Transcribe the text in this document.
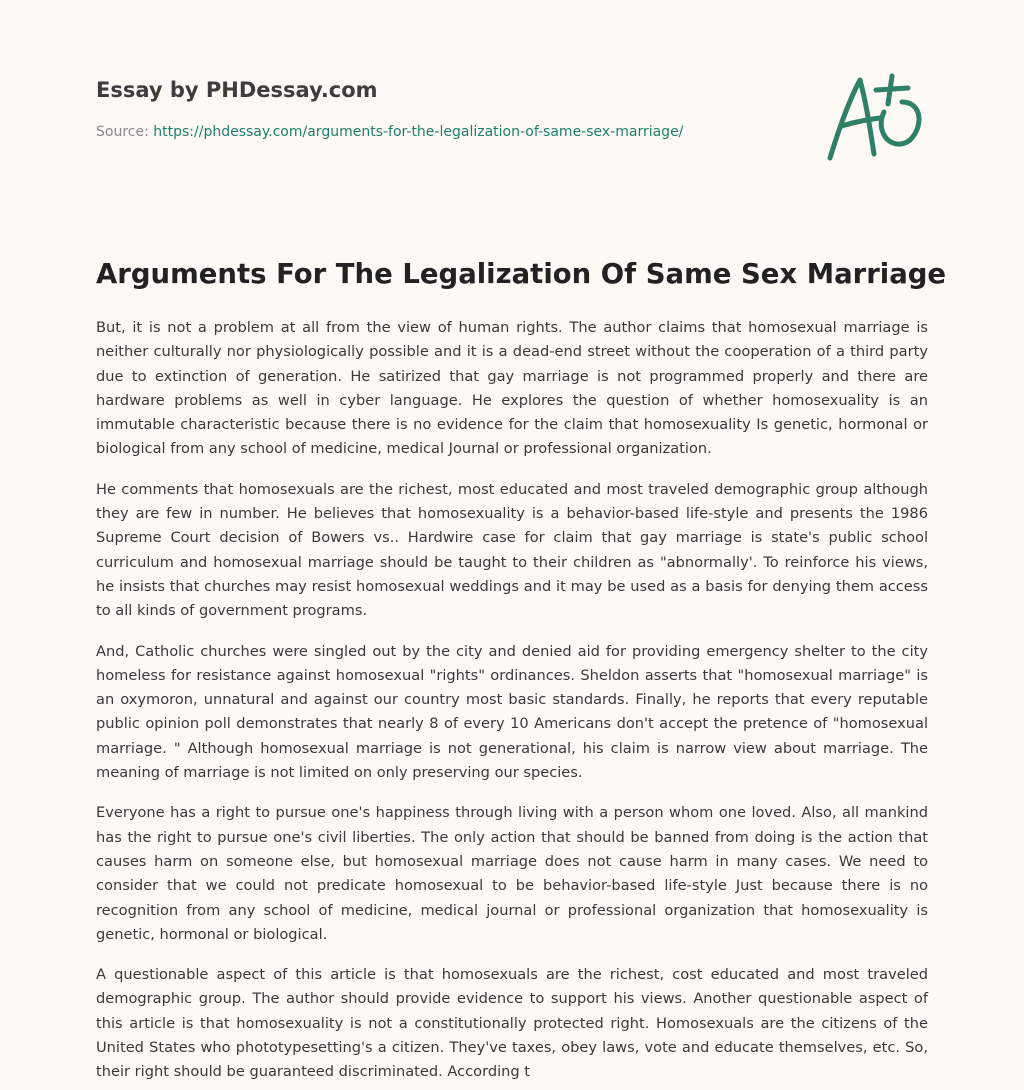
Essay by PHDessay.com
Source: https://phdessay.com/arguments-for-the-legalization-of-same-sex-marriage/
Arguments For The Legalization Of Same Sex Marriage

But, it is not a problem at all from the view of human rights. The author claims that homosexual marriage is neither culturally nor physiologically possible and it is a dead-end street without the cooperation of a third party due to extinction of generation. He satirized that gay marriage is not programmed properly and there are hardware problems as well in cyber language. He explores the question of whether homosexuality is an immutable characteristic because there is no evidence for the claim that homosexuality Is genetic, hormonal or biological from any school of medicine, medical Journal or professional organization.

He comments that homosexuals are the richest, most educated and most traveled demographic group although they are few in number. He believes that homosexuality is a behavior-based life-style and presents the 1986 Supreme Court decision of Bowers vs.. Hardwire case for claim that gay marriage is state's public school curriculum and homosexual marriage should be taught to their children as "abnormally'. To reinforce his views, he insists that churches may resist homosexual weddings and it may be used as a basis for denying them access to all kinds of government programs.

And, Catholic churches were singled out by the city and denied aid for providing emergency shelter to the city homeless for resistance against homosexual "rights" ordinances. Sheldon asserts that "homosexual marriage" is an oxymoron, unnatural and against our country most basic standards. Finally, he reports that every reputable public opinion poll demonstrates that nearly 8 of every 10 Americans don't accept the pretence of "homosexual marriage. " Although homosexual marriage is not generational, his claim is narrow view about marriage. The meaning of marriage is not limited on only preserving our species.

Everyone has a right to pursue one's happiness through living with a person whom one loved. Also, all mankind has the right to pursue one's civil liberties. The only action that should be banned from doing is the action that causes harm on someone else, but homosexual marriage does not cause harm in many cases. We need to consider that we could not predicate homosexual to be behavior-based life-style Just because there is no recognition from any school of medicine, medical journal or professional organization that homosexuality is genetic, hormonal or biological.

A questionable aspect of this article is that homosexuals are the richest, cost educated and most traveled demographic group. The author should provide evidence to support his views. Another questionable aspect of this article is that homosexuality is not a constitutionally protected right. Homosexuals are the citizens of the United States who phototypesetting's a citizen. They've taxes, obey laws, vote and educate themselves, etc. So, their right should be guaranteed discriminated. According t
